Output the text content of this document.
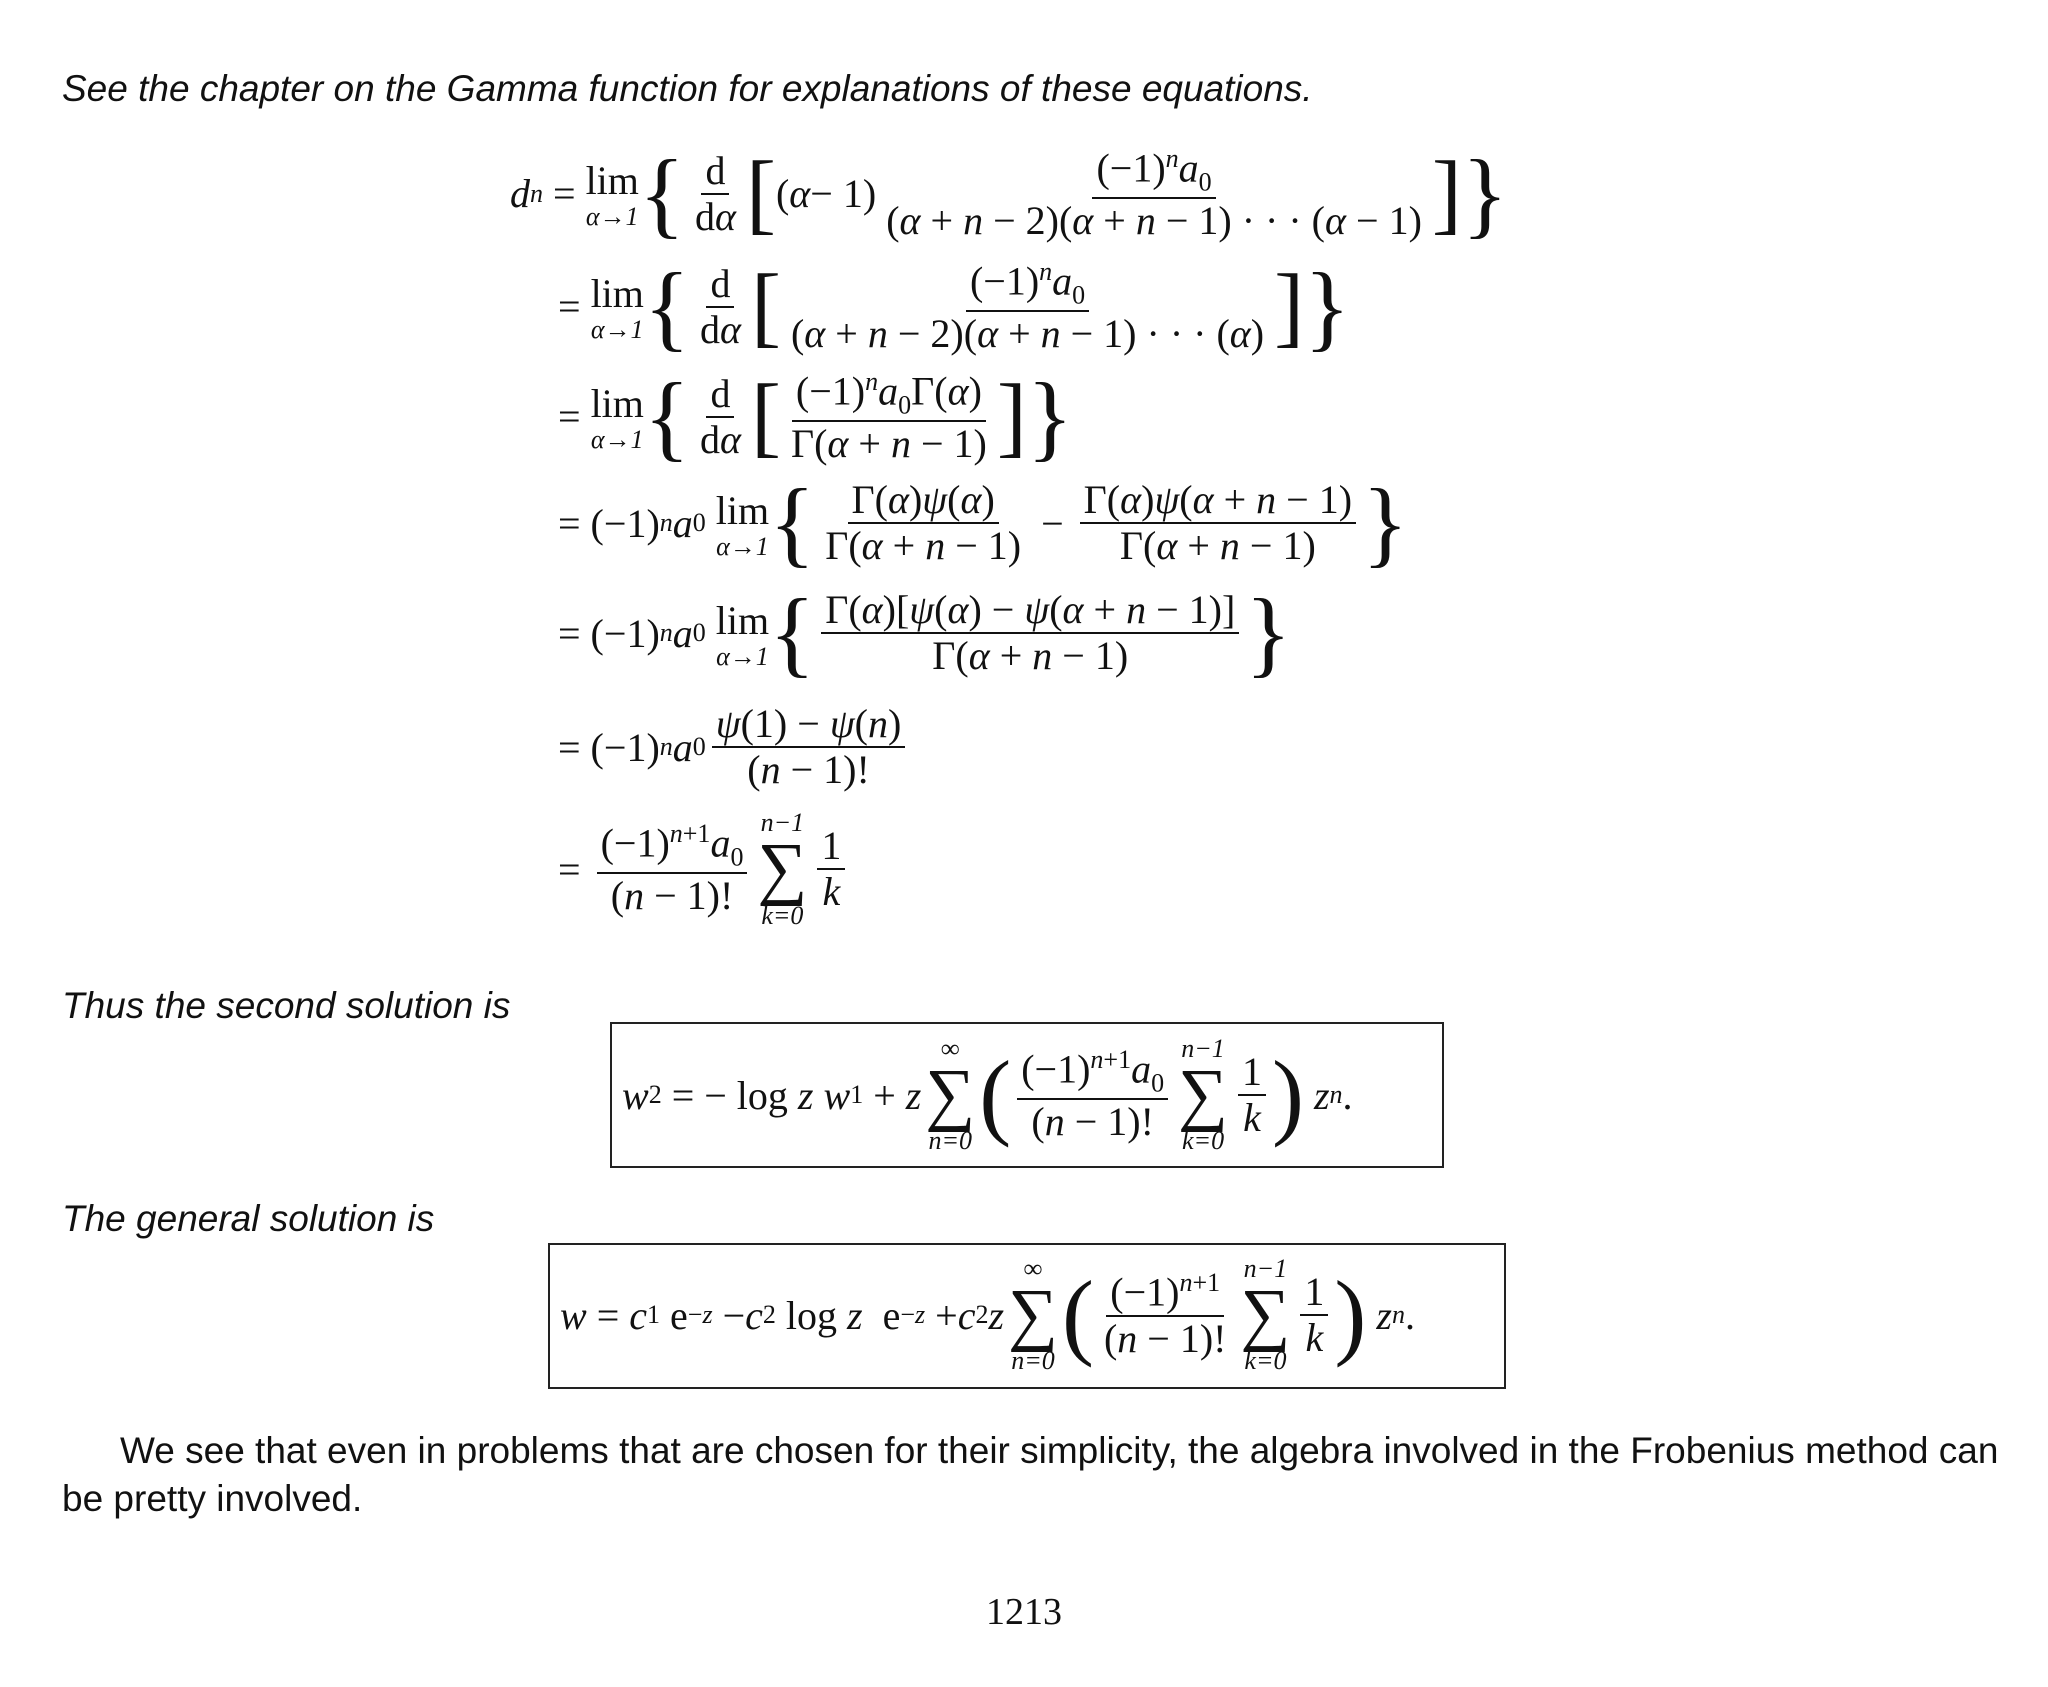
See the chapter on the Gamma function for explanations of these equations.
d n = lim
α→1 { $\frac{d}{d\alpha}$ [ ( $\alpha - 1) \frac{(-1)^na_0}{(\alpha + n - 2)(\alpha + n - 1) \cdot \cdot \cdot (\alpha - 1)}$ ] }
= lim
α→1 { $\frac{d}{d\alpha}$ [ $\frac{(-1)^na_0}{(\alpha + n - 2)(\alpha + n - 1) \cdot \cdot \cdot (\alpha)}$ ] }
= lim
α→1 { $\frac{d}{d\alpha}$ [ $\frac{(-1)^na_0\Gamma(\alpha)}{\Gamma(\alpha + n - 1)}$ ] }
= (−1) n a 0
lim
α→1 { $\frac{\Gamma(\alpha)\psi(\alpha)}{\Gamma(\alpha + n - 1)} - \frac{\Gamma(\alpha)\psi(\alpha + n - 1)}{\Gamma(\alpha + n - 1)}$ }
= (−1) n a 0
lim
α→1 { $\frac{\Gamma(\alpha)[\psi(\alpha) - \psi(\alpha + n - 1)]}{\Gamma(\alpha + n - 1)}$ }
= (−1) n a $0 \frac{\psi(1) - \psi(n)}{(n - 1)!}$
= $\frac{(-1)^{n+1}a_0}{(n - 1)!} n-1$
∑
k=0
$\frac{1}{k}$
Thus the second solution is
w 2 = − log z
w 1 + z
∞
∑
n=0 ( $\frac{(-1)^{n+1}a_0}{(n - 1)!} n-1$
∑
k=0
$\frac{1}{k}$ )
z n .
The general solution is
w = c 1 e −z − c 2 log z e −z + c 2 z
∞
∑
n=0 ( $\frac{(-1)^{n+1}}{(n - 1)!}$
n−1
∑
k=0
$\frac{1}{k}$ )
z n .
We see that even in problems that are chosen for their simplicity, the algebra involved in the Frobenius method can
be pretty involved.
1213
